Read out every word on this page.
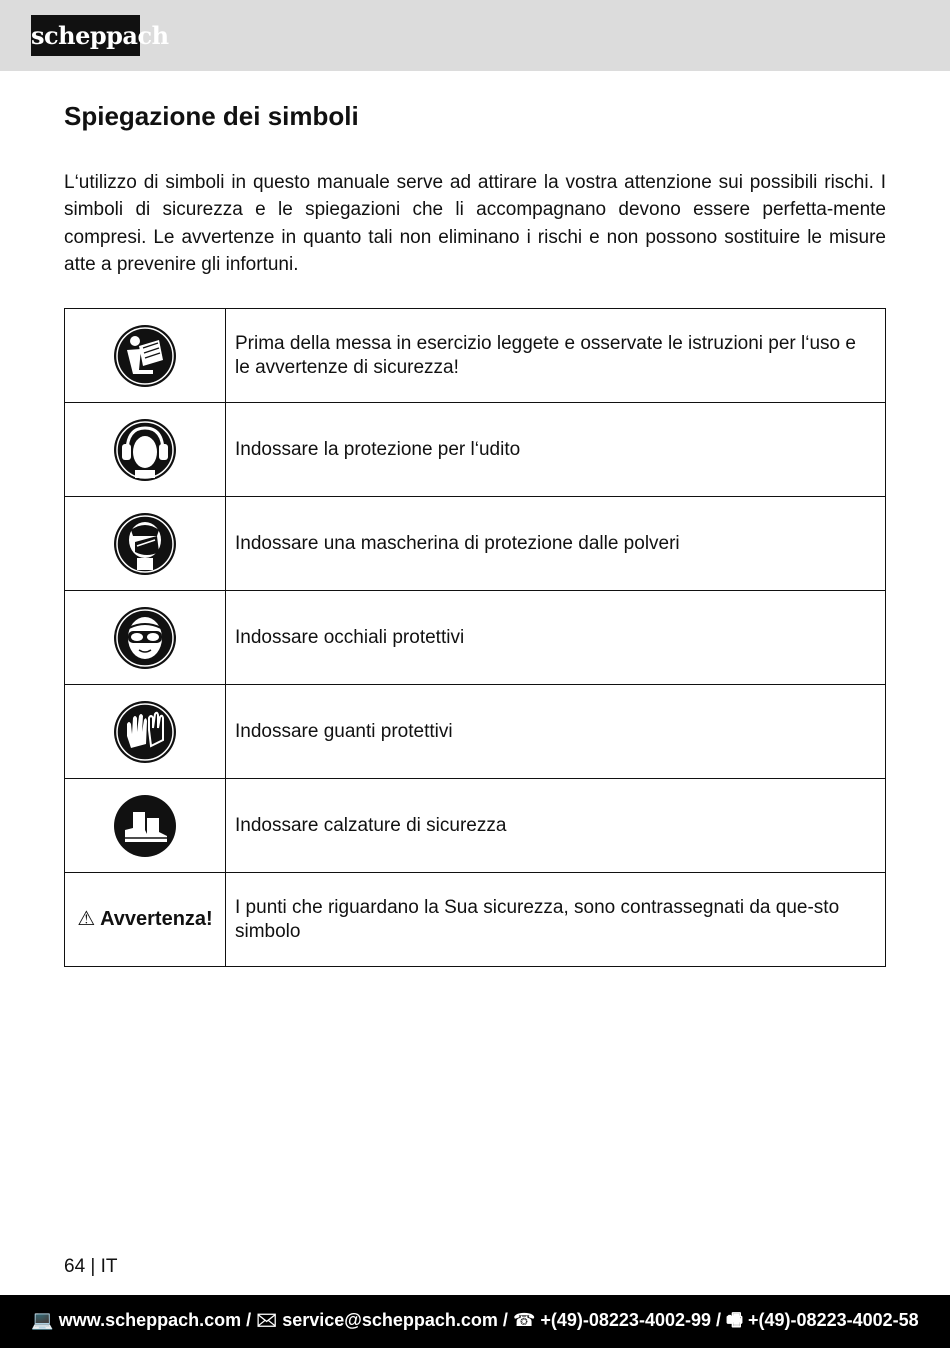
scheppach
Spiegazione dei simboli

L‘utilizzo di simboli in questo manuale serve ad attirare la vostra attenzione sui possibili rischi. I simboli di sicurezza e le spiegazioni che li accompagnano devono essere perfetta-mente compresi. Le avvertenze in quanto tali non eliminano i rischi e non possono sostituire le misure atte a prevenire gli infortuni.

	Prima della messa in esercizio leggete e osservate le istruzioni per l‘uso e le avvertenze di sicurezza!

	Indossare la protezione per l‘udito

	Indossare una mascherina di protezione dalle polveri

	Indossare occhiali protettivi

	Indossare guanti protettivi

	Indossare calzature di sicurezza
⚠ Avvertenza!	I punti che riguardano la Sua sicurezza, sono contrassegnati da que-sto simbolo
64 | IT
💻 www.scheppach.com / 🖂 service@scheppach.com / ☎ +(49)-08223-4002-99 / 🖷 +(49)-08223-4002-58
